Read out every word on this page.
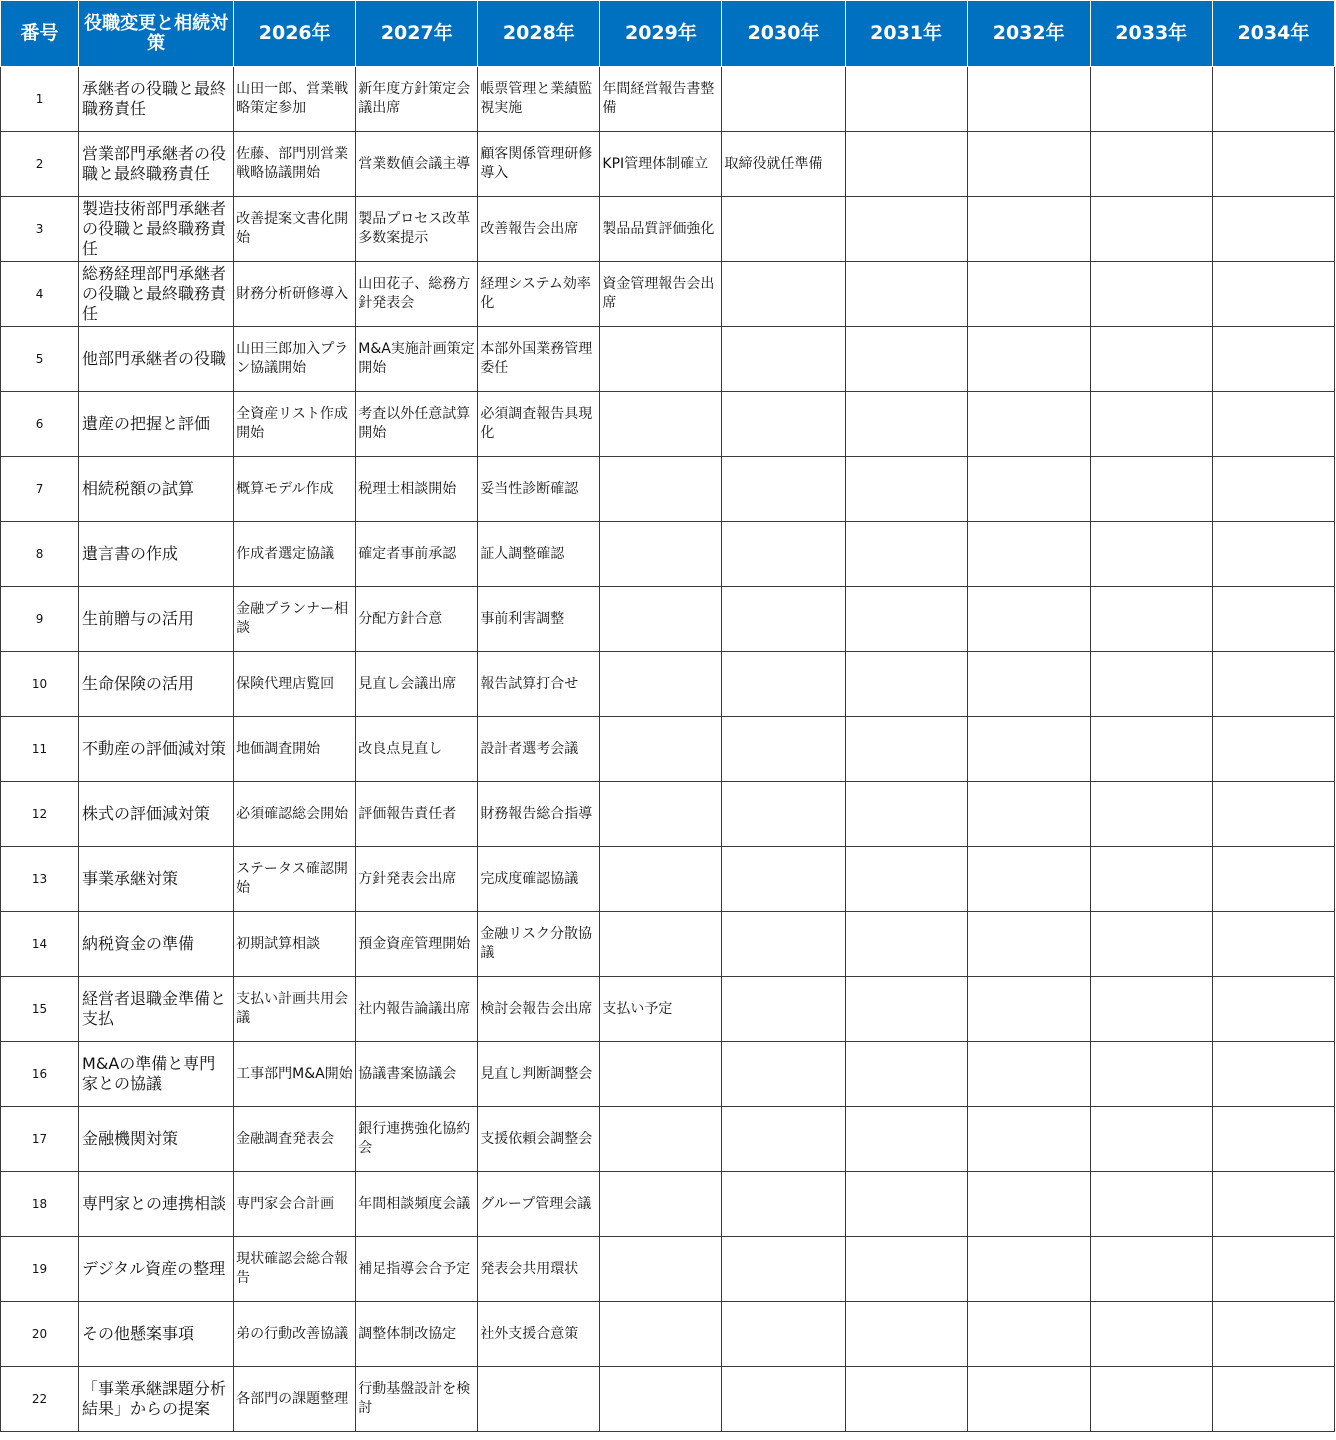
番号	役職変更と相続対策	2026年	2027年	2028年	2029年	2030年	2031年	2032年	2033年	2034年
1	承継者の役職と最終職務責任	山田一郎、営業戦略策定参加	新年度方針策定会議出席	帳票管理と業績監視実施	年間経営報告書整備					
2	営業部門承継者の役職と最終職務責任	佐藤、部門別営業戦略協議開始	営業数値会議主導	顧客関係管理研修導入	KPI管理体制確立	取締役就任準備				
3	製造技術部門承継者の役職と最終職務責任	改善提案文書化開始	製品プロセス改革多数案提示	改善報告会出席	製品品質評価強化					
4	総務経理部門承継者の役職と最終職務責任	財務分析研修導入	山田花子、総務方針発表会	経理システム効率化	資金管理報告会出席					
5	他部門承継者の役職	山田三郎加入プラン協議開始	M&A実施計画策定開始	本部外国業務管理委任						
6	遺産の把握と評価	全資産リスト作成開始	考査以外任意試算開始	必須調査報告具現化						
7	相続税額の試算	概算モデル作成	税理士相談開始	妥当性診断確認						
8	遺言書の作成	作成者選定協議	確定者事前承認	証人調整確認						
9	生前贈与の活用	金融プランナー相談	分配方針合意	事前利害調整						
10	生命保険の活用	保険代理店覧回	見直し会議出席	報告試算打合せ						
11	不動産の評価減対策	地価調査開始	改良点見直し	設計者選考会議						
12	株式の評価減対策	必須確認総会開始	評価報告責任者	財務報告総合指導						
13	事業承継対策	ステータス確認開始	方針発表会出席	完成度確認協議						
14	納税資金の準備	初期試算相談	預金資産管理開始	金融リスク分散協議						
15	経営者退職金準備と支払	支払い計画共用会議	社内報告論議出席	検討会報告会出席	支払い予定					
16	M&Aの準備と専門家との協議	工事部門M&A開始	協議書案協議会	見直し判断調整会						
17	金融機関対策	金融調査発表会	銀行連携強化協約会	支援依頼会調整会						
18	専門家との連携相談	専門家会合計画	年間相談頻度会議	グループ管理会議						
19	デジタル資産の整理	現状確認会総合報告	補足指導会合予定	発表会共用環状						
20	その他懸案事項	弟の行動改善協議	調整体制改協定	社外支援合意策						
22	「事業承継課題分析結果」からの提案	各部門の課題整理	行動基盤設計を検討							
